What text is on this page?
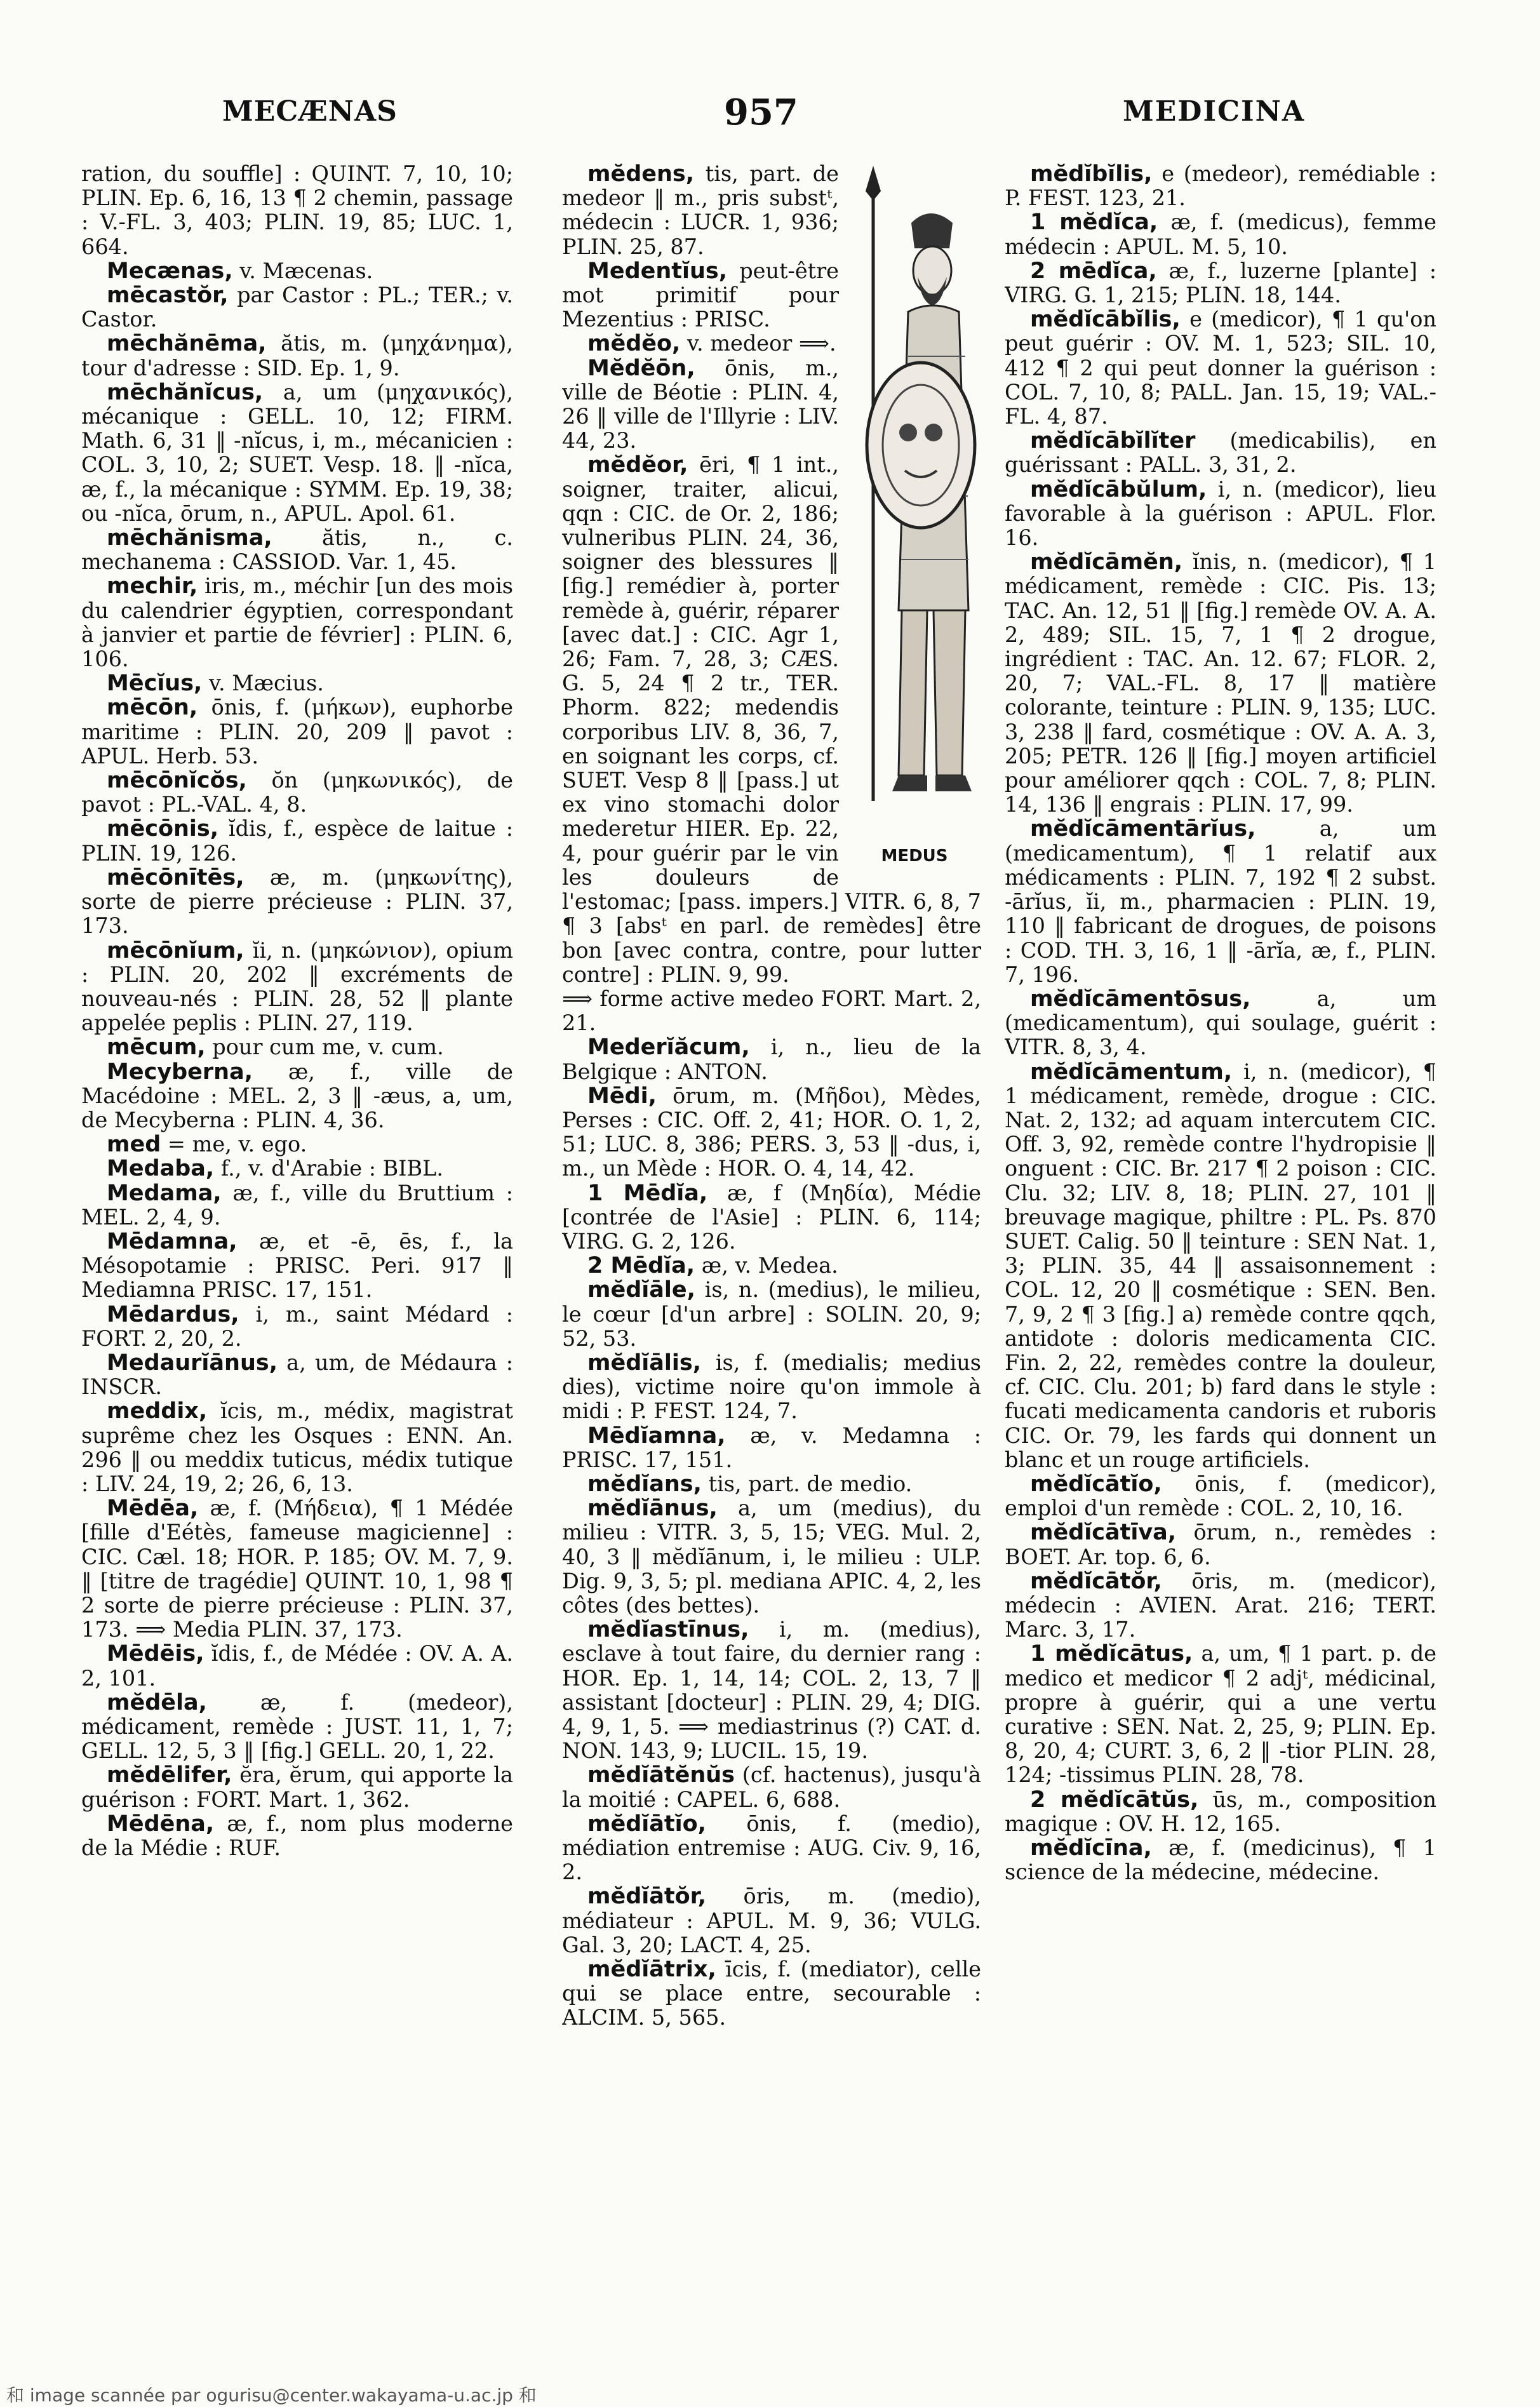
MECÆNAS	957	MEDICINA

ration, du souffle] : QUINT. 7, 10, 10; PLIN. Ep. 6, 16, 13 ¶ 2 chemin, passage : V.-FL. 3, 403; PLIN. 19, 85; LUC. 1, 664.

Mecænas, v. Mæcenas.

mēcastŏr, par Castor : PL.; TER.; v. Castor.

mēchănēma, ătis, m. (μηχάνημα), tour d'adresse : SID. Ep. 1, 9.

mēchănĭcus, a, um (μηχανικός), mécanique : GELL. 10, 12; FIRM. Math. 6, 31 ‖ -nĭcus, i, m., mécanicien : COL. 3, 10, 2; SUET. Vesp. 18. ‖ -nĭca, æ, f., la mécanique : SYMM. Ep. 19, 38; ou -nĭca, ōrum, n., APUL. Apol. 61.

mēchănisma, ătis, n., c. mechanema : CASSIOD. Var. 1, 45.

mechir, iris, m., méchir [un des mois du calendrier égyptien, correspondant à janvier et partie de février] : PLIN. 6, 106.

Mēcĭus, v. Mæcius.

mēcōn, ōnis, f. (μήκων), euphorbe maritime : PLIN. 20, 209 ‖ pavot : APUL. Herb. 53.

mēcōnĭcŏs, ŏn (μηκωνικός), de pavot : PL.-VAL. 4, 8.

mēcōnis, ĭdis, f., espèce de laitue : PLIN. 19, 126.

mēcōnītēs, æ, m. (μηκωνίτης), sorte de pierre précieuse : PLIN. 37, 173.

mēcōnĭum, ĭi, n. (μηκώνιον), opium : PLIN. 20, 202 ‖ excréments de nouveau-nés : PLIN. 28, 52 ‖ plante appelée peplis : PLIN. 27, 119.

mēcum, pour cum me, v. cum.

Mecyberna, æ, f., ville de Macédoine : MEL. 2, 3 ‖ -æus, a, um, de Mecyberna : PLIN. 4, 36.

med = me, v. ego.

Medaba, f., v. d'Arabie : BIBL.

Medama, æ, f., ville du Bruttium : MEL. 2, 4, 9.

Mēdamna, æ, et -ē, ēs, f., la Mésopotamie : PRISC. Peri. 917 ‖ Mediamna PRISC. 17, 151.

Mēdardus, i, m., saint Médard : FORT. 2, 20, 2.

Medaurĭānus, a, um, de Médaura : INSCR.

meddix, ĭcis, m., médix, magistrat suprême chez les Osques : ENN. An. 296 ‖ ou meddix tuticus, médix tutique : LIV. 24, 19, 2; 26, 6, 13.

Mēdēa, æ, f. (Μήδεια), ¶ 1 Médée [fille d'Eétès, fameuse magicienne] : CIC. Cæl. 18; HOR. P. 185; OV. M. 7, 9. ‖ [titre de tragédie] QUINT. 10, 1, 98 ¶ 2 sorte de pierre précieuse : PLIN. 37, 173. ⟹ Media PLIN. 37, 173.

Mēdēis, ĭdis, f., de Médée : OV. A. A. 2, 101.

mĕdēla,	æ, f. (medeor), médicament, remède : JUST. 11, 1, 7; GELL. 12, 5, 3 ‖ [fig.] GELL. 20, 1, 22.

mĕdēlifer, ĕra, ĕrum, qui apporte la guérison : FORT. Mart. 1, 362.

Mēdēna, æ, f., nom plus moderne de la Médie : RUF.

MEDUS

mĕdens, tis, part. de medeor ‖ m., pris substᵗ, médecin : LUCR. 1, 936; PLIN. 25, 87.

Medentĭus, peut-être mot primitif pour Mezentius : PRISC.

mĕdĕo, v. medeor ⟹.

Mĕdĕōn, ōnis, m., ville de Béotie : PLIN. 4, 26 ‖ ville de l'Illyrie : LIV. 44, 23.

mĕdĕor, ēri, ¶ 1 int., soigner, traiter, alicui, qqn : CIC. de Or. 2, 186; vulneribus PLIN. 24, 36, soigner des blessures ‖ [fig.] remédier à, porter remède à, guérir, réparer [avec dat.] : CIC. Agr 1, 26; Fam. 7, 28, 3; CÆS. G. 5, 24 ¶ 2 tr., TER. Phorm. 822; medendis corporibus LIV. 8, 36, 7, en soignant les corps, cf. SUET. Vesp 8 ‖ [pass.] ut ex vino stomachi dolor mederetur HIER. Ep. 22, 4, pour guérir par le vin les douleurs de l'estomac; [pass. impers.] VITR. 6, 8, 7 ¶ 3 [absᵗ en parl. de remèdes] être bon [avec contra, contre, pour lutter contre] : PLIN. 9, 99.

⟹ forme active medeo FORT. Mart. 2, 21.

Mederĭăcum, i, n., lieu de la Belgique : ANTON.

Mēdi, ōrum, m. (Μῆδοι), Mèdes, Perses : CIC. Off. 2, 41; HOR. O. 1, 2, 51; LUC. 8, 386; PERS. 3, 53 ‖ -dus, i, m., un Mède : HOR. O. 4, 14, 42.

1 Mēdĭa, æ, f (Μηδία), Médie [contrée de l'Asie] : PLIN. 6, 114; VIRG. G. 2, 126.

2 Mēdĭa, æ, v. Medea.

mĕdĭāle, is, n. (medius), le milieu, le cœur [d'un arbre] : SOLIN. 20, 9; 52, 53.

mĕdĭālis, is, f. (medialis; medius dies), victime noire qu'on immole à midi : P. FEST. 124, 7.

Mēdĭamna, æ, v. Medamna : PRISC. 17, 151.

mĕdĭans, tis, part. de medio.

mĕdĭānus, a, um (medius), du milieu : VITR. 3, 5, 15; VEG. Mul. 2, 40, 3 ‖ mĕdĭānum, i, le milieu : ULP. Dig. 9, 3, 5; pl. mediana APIC. 4, 2, les côtes (des bettes).

mĕdĭastīnus, i, m. (medius), esclave à tout faire, du dernier rang : HOR. Ep. 1, 14, 14; COL. 2, 13, 7 ‖ assistant [docteur] : PLIN. 29, 4; DIG. 4, 9, 1, 5. ⟹ mediastrinus (?) CAT. d. NON. 143, 9; LUCIL. 15, 19.

mĕdĭātĕnŭs (cf. hactenus), jusqu'à la moitié : CAPEL. 6, 688.

mĕdĭātĭo, ōnis, f. (medio), médiation entremise : AUG. Civ. 9, 16, 2.

mĕdĭātŏr, ōris, m. (medio), médiateur : APUL. M. 9, 36; VULG. Gal. 3, 20; LACT. 4, 25.

mĕdĭātrix, īcis, f. (mediator), celle qui se place entre, secourable : ALCIM. 5, 565.

mĕdĭbĭlis, e (medeor), remédiable : P. FEST. 123, 21.

1 mĕdĭca, æ, f. (medicus), femme médecin : APUL. M. 5, 10.

2 mēdĭca, æ, f., luzerne [plante] : VIRG. G. 1, 215; PLIN. 18, 144.

mĕdĭcābĭlis, e (medicor), ¶ 1 qu'on peut guérir : OV. M. 1, 523; SIL. 10, 412 ¶ 2 qui peut donner la guérison : COL. 7, 10, 8; PALL. Jan. 15, 19; VAL.-FL. 4, 87.

mĕdĭcābĭlĭter (medicabilis), en guérissant : PALL. 3, 31, 2.

mĕdĭcābŭlum, i, n. (medicor), lieu favorable à la guérison : APUL. Flor. 16.

mĕdĭcāmĕn, ĭnis, n. (medicor), ¶ 1 médicament, remède : CIC. Pis. 13; TAC. An. 12, 51 ‖ [fig.] remède OV. A. A. 2, 489; SIL. 15, 7, 1 ¶ 2 drogue, ingrédient : TAC. An. 12. 67; FLOR. 2, 20, 7; VAL.-FL. 8, 17 ‖ matière colorante, teinture : PLIN. 9, 135; LUC. 3, 238 ‖ fard, cosmétique : OV. A. A. 3, 205; PETR. 126 ‖ [fig.] moyen artificiel pour améliorer qqch : COL. 7, 8; PLIN. 14, 136 ‖ engrais : PLIN. 17, 99.

mĕdĭcāmentārĭus,	a, um (medicamentum), ¶ 1 relatif aux médicaments : PLIN. 7, 192 ¶ 2 subst. -ārĭus, ĭi, m., pharmacien : PLIN. 19, 110 ‖ fabricant de drogues, de poisons : COD. TH. 3, 16, 1 ‖ -ārĭa, æ, f., PLIN. 7, 196.

mĕdĭcāmentōsus,	a, um (medicamentum), qui soulage, guérit : VITR. 8, 3, 4.

mĕdĭcāmentum, i, n. (medicor), ¶ 1 médicament, remède, drogue : CIC. Nat. 2, 132; ad aquam intercutem CIC. Off. 3, 92, remède contre l'hydropisie ‖ onguent : CIC. Br. 217 ¶ 2 poison : CIC. Clu. 32; LIV. 8, 18; PLIN. 27, 101 ‖ breuvage magique, philtre : PL. Ps. 870 SUET. Calig. 50 ‖ teinture : SEN Nat. 1, 3; PLIN. 35, 44 ‖ assaisonnement : COL. 12, 20 ‖ cosmétique : SEN. Ben. 7, 9, 2 ¶ 3 [fig.] a) remède contre qqch, antidote : doloris medicamenta CIC. Fin. 2, 22, remèdes contre la douleur, cf. CIC. Clu. 201; b) fard dans le style : fucati medicamenta candoris et ruboris CIC. Or. 79, les fards qui donnent un blanc et un rouge artificiels.

mĕdĭcātĭo, ōnis, f. (medicor), emploi d'un remède : COL. 2, 10, 16.

mĕdĭcātīva, ōrum, n., remèdes : BOET. Ar. top. 6, 6.

mĕdĭcātŏr, ōris, m. (medicor), médecin : AVIEN. Arat. 216; TERT. Marc. 3, 17.

1 mĕdĭcātus, a, um, ¶ 1 part. p. de medico et medicor ¶ 2 adjᵗ, médicinal, propre à guérir, qui a une vertu curative : SEN. Nat. 2, 25, 9; PLIN. Ep. 8, 20, 4; CURT. 3, 6, 2 ‖ -tior PLIN. 28, 124; -tissimus PLIN. 28, 78.

2 mĕdĭcātŭs, ūs, m., composition magique : OV. H. 12, 165.

mĕdĭcīna, æ, f. (medicinus), ¶ 1 science de la médecine, médecine.

和 image scannée par ogurisu@center.wakayama-u.ac.jp 和
